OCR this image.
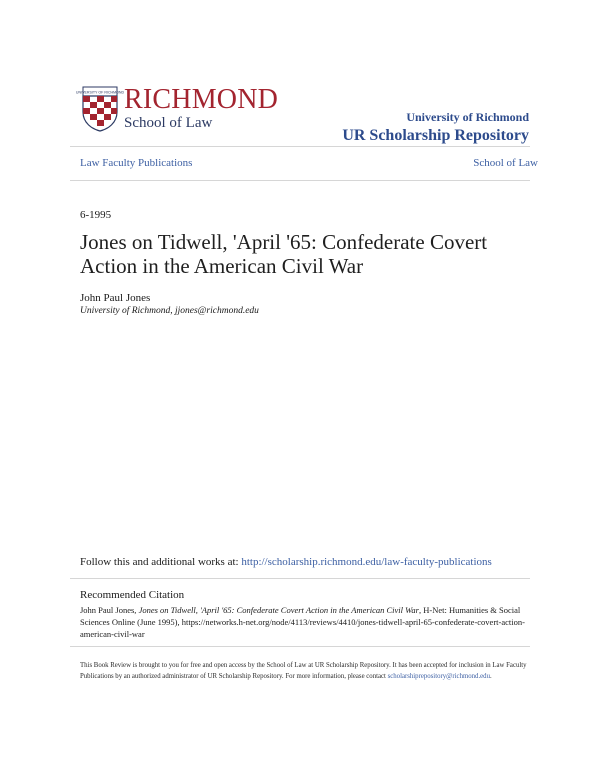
UNIVERSITY OF RICHMOND RICHMOND
School of Law	University of Richmond
UR Scholarship Repository
Law Faculty Publications	School of Law
6-1995
Jones on Tidwell, 'April '65: Confederate Covert Action in the American Civil War
John Paul Jones
University of Richmond, jjones@richmond.edu
Follow this and additional works at: http://scholarship.richmond.edu/law-faculty-publications
Recommended Citation
John Paul Jones, Jones on Tidwell, 'April '65: Confederate Covert Action in the American Civil War, H-Net: Humanities & Social Sciences Online (June 1995), https://networks.h-net.org/node/4113/reviews/4410/jones-tidwell-april-65-confederate-covert-action-american-civil-war
This Book Review is brought to you for free and open access by the School of Law at UR Scholarship Repository. It has been accepted for inclusion in Law Faculty Publications by an authorized administrator of UR Scholarship Repository. For more information, please contact scholarshiprepository@richmond.edu.
